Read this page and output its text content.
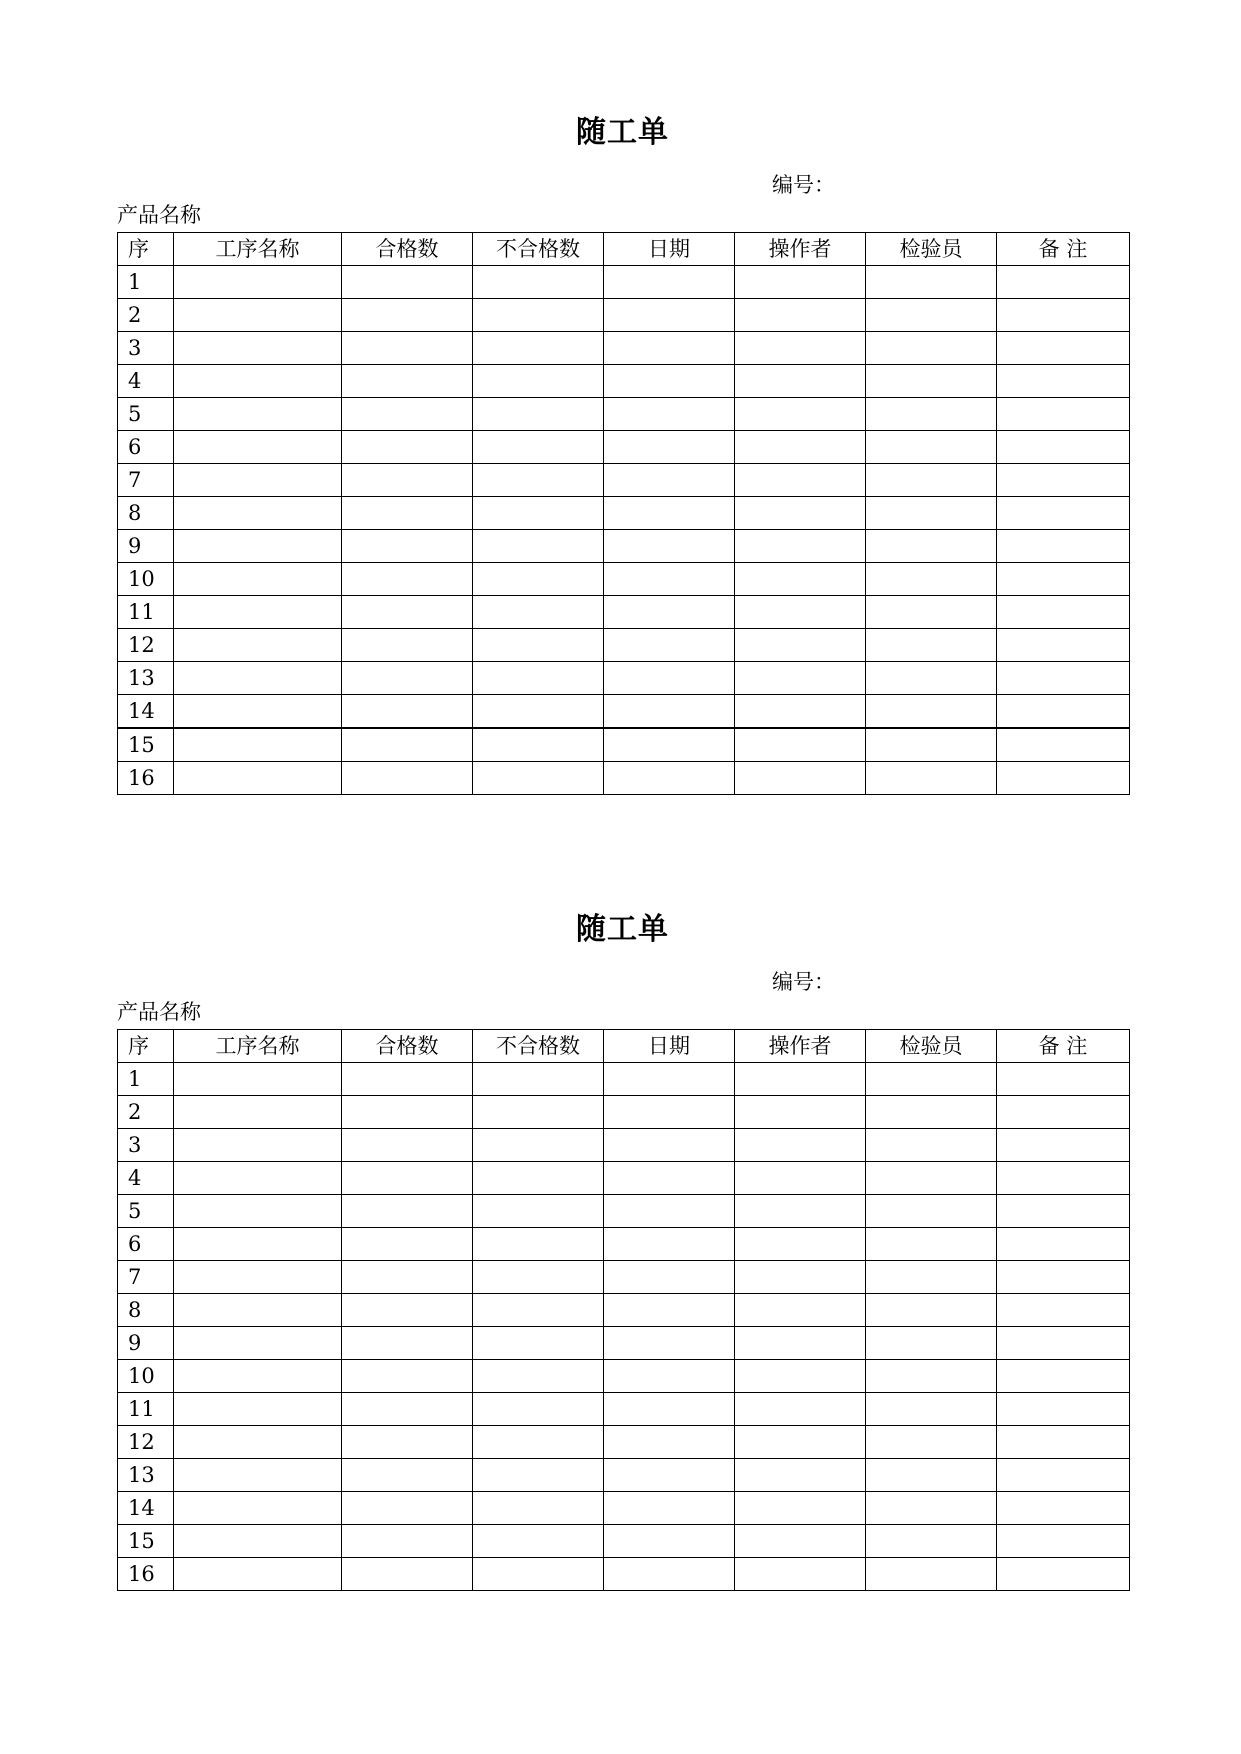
随工单
编号：
产品名称
序	工序名称	合格数	不合格数	日期	操作者	检验员	备 注
1							
2							
3							
4							
5							
6							
7							
8							
9							
10							
11							
12							
13							
14							
15							
16							
随工单
编号：
产品名称
序	工序名称	合格数	不合格数	日期	操作者	检验员	备 注
1							
2							
3							
4							
5							
6							
7							
8							
9							
10							
11							
12							
13							
14							
15							
16							
